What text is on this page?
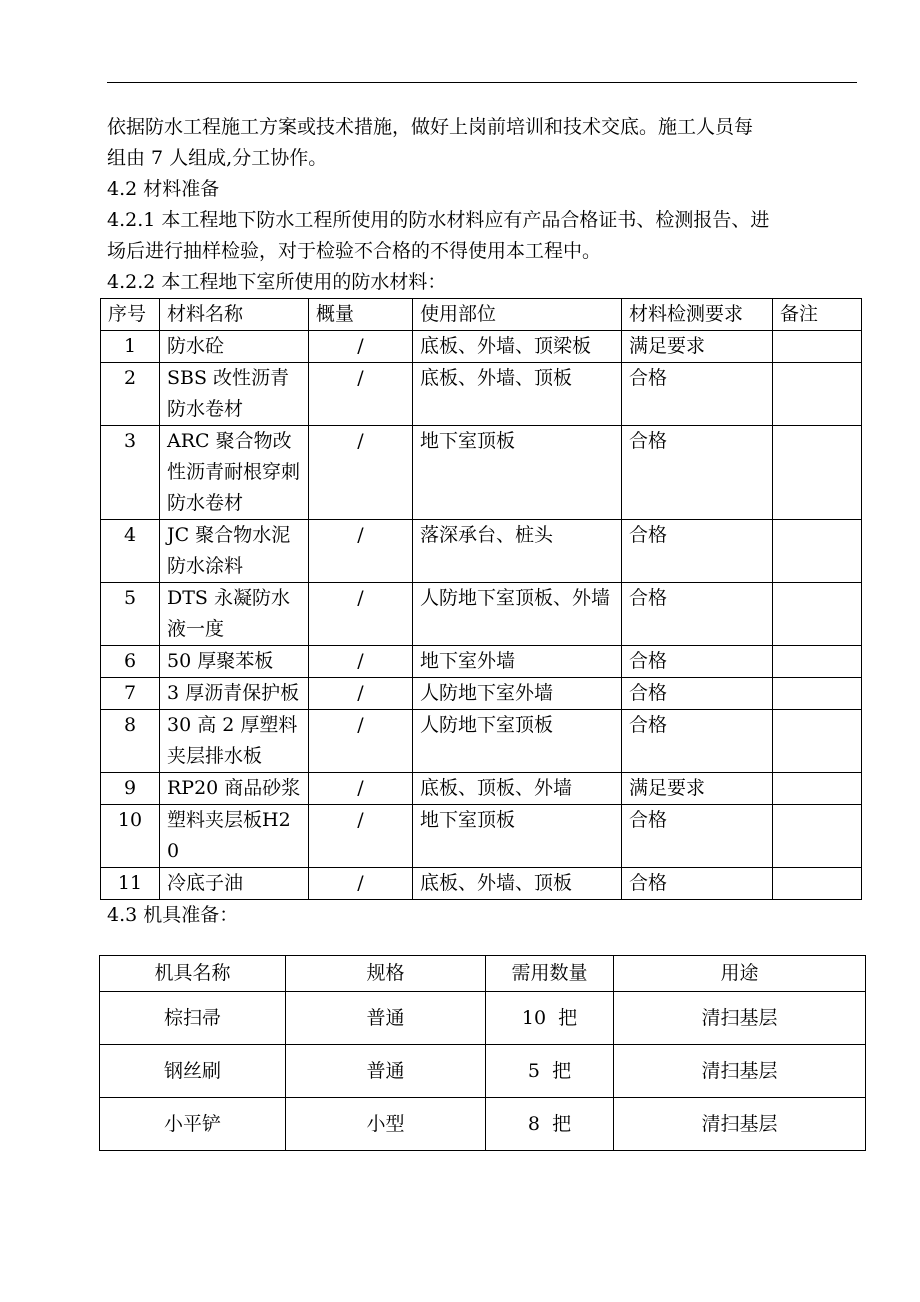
依据防水工程施工方案或技术措施，做好上岗前培训和技术交底。施工人员每
组由 7 人组成,分工协作。
4.2 材料准备
4.2.1 本工程地下防水工程所使用的防水材料应有产品合格证书、检测报告、进
场后进行抽样检验，对于检验不合格的不得使用本工程中。
4.2.2 本工程地下室所使用的防水材料：
序号	材料名称	概量	使用部位	材料检测要求	备注
1	防水砼	/	底板、外墙、顶梁板	满足要求	
2	SBS 改性沥青防水卷材	/	底板、外墙、顶板	合格	
3	ARC 聚合物改性沥青耐根穿刺防水卷材	/	地下室顶板	合格	
4	JC 聚合物水泥防水涂料	/	落深承台、桩头	合格	
5	DTS 永凝防水液一度	/	人防地下室顶板、外墙	合格	
6	50 厚聚苯板	/	地下室外墙	合格	
7	3 厚沥青保护板	/	人防地下室外墙	合格	
8	30 高 2 厚塑料夹层排水板	/	人防地下室顶板	合格	
9	RP20 商品砂浆	/	底板、顶板、外墙	满足要求	
10	塑料夹层板H20	/	地下室顶板	合格	
11	冷底子油	/	底板、外墙、顶板	合格	
4.3 机具准备：
机具名称	规格	需用数量	用途
棕扫帚	普通	10  把	清扫基层
钢丝刷	普通	5  把	清扫基层
小平铲	小型	8  把	清扫基层
